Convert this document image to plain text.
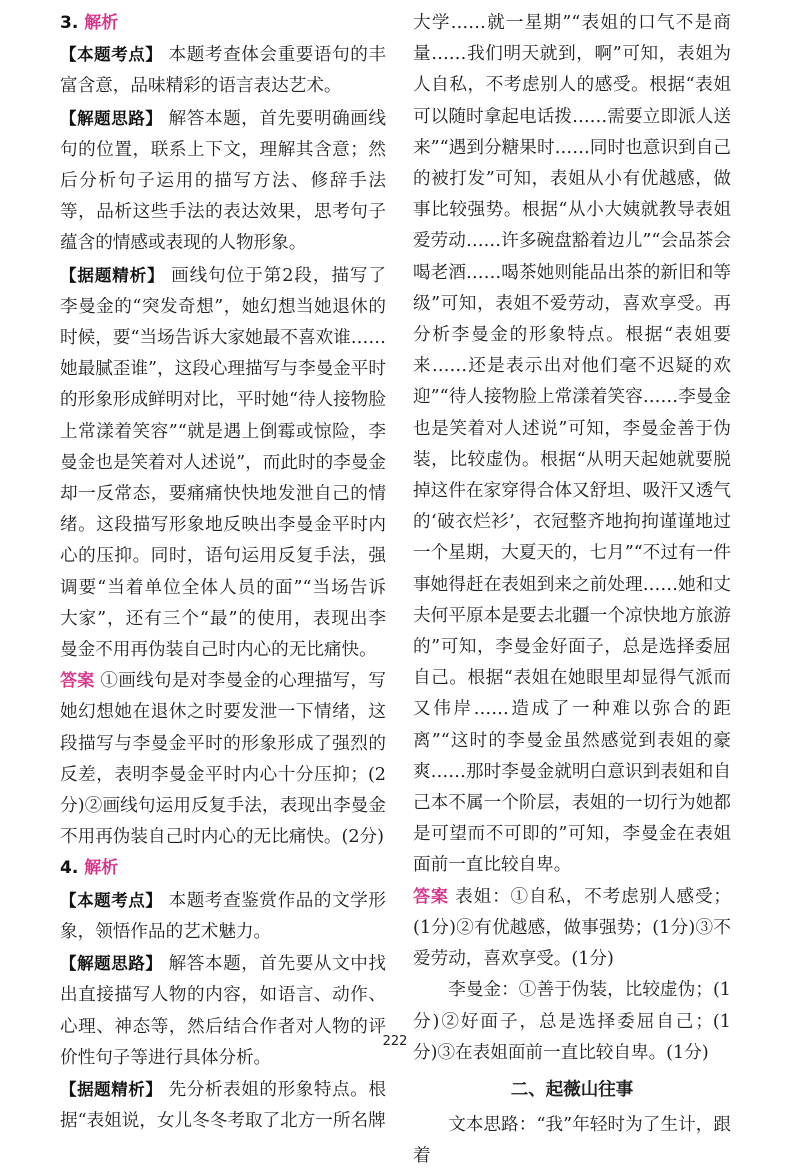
3. 解析

【本题考点】 本题考查体会重要语句的丰富含意，品味精彩的语言表达艺术。

【解题思路】 解答本题，首先要明确画线句的位置，联系上下文，理解其含意；然后分析句子运用的描写方法、修辞手法等，品析这些手法的表达效果，思考句子蕴含的情感或表现的人物形象。

【据题精析】 画线句位于第2段，描写了李曼金的“突发奇想”，她幻想当她退休的时候，要“当场告诉大家她最不喜欢谁……她最腻歪谁”，这段心理描写与李曼金平时的形象形成鲜明对比，平时她“待人接物脸上常漾着笑容”“就是遇上倒霉或惊险，李曼金也是笑着对人述说”，而此时的李曼金却一反常态，要痛痛快快地发泄自己的情绪。这段描写形象地反映出李曼金平时内心的压抑。同时，语句运用反复手法，强调要“当着单位全体人员的面”“当场告诉大家”，还有三个“最”的使用，表现出李曼金不用再伪装自己时内心的无比痛快。

答案 ①画线句是对李曼金的心理描写，写她幻想她在退休之时要发泄一下情绪，这段描写与李曼金平时的形象形成了强烈的反差，表明李曼金平时内心十分压抑；(2分)②画线句运用反复手法，表现出李曼金不用再伪装自己时内心的无比痛快。(2分)

4. 解析

【本题考点】 本题考查鉴赏作品的文学形象，领悟作品的艺术魅力。

【解题思路】 解答本题，首先要从文中找出直接描写人物的内容，如语言、动作、心理、神态等，然后结合作者对人物的评价性句子等进行具体分析。

【据题精析】 先分析表姐的形象特点。根据“表姐说，女儿冬冬考取了北方一所名牌

大学……就一星期”“表姐的口气不是商量……我们明天就到，啊”可知，表姐为人自私，不考虑别人的感受。根据“表姐可以随时拿起电话拨……需要立即派人送来”“遇到分糖果时……同时也意识到自己的被打发”可知，表姐从小有优越感，做事比较强势。根据“从小大姨就教导表姐爱劳动……许多碗盘豁着边儿”“会品茶会喝老酒……喝茶她则能品出茶的新旧和等级”可知，表姐不爱劳动，喜欢享受。再分析李曼金的形象特点。根据“表姐要来……还是表示出对他们毫不迟疑的欢迎”“待人接物脸上常漾着笑容……李曼金也是笑着对人述说”可知，李曼金善于伪装，比较虚伪。根据“从明天起她就要脱掉这件在家穿得合体又舒坦、吸汗又透气的‘破衣烂衫’，衣冠整齐地拘拘谨谨地过一个星期，大夏天的，七月”“不过有一件事她得赶在表姐到来之前处理……她和丈夫何平原本是要去北疆一个凉快地方旅游的”可知，李曼金好面子，总是选择委屈自己。根据“表姐在她眼里却显得气派而又伟岸……造成了一种难以弥合的距离”“这时的李曼金虽然感觉到表姐的豪爽……那时李曼金就明白意识到表姐和自己本不属一个阶层，表姐的一切行为她都是可望而不可即的”可知，李曼金在表姐面前一直比较自卑。

答案 表姐：①自私，不考虑别人感受；(1分)②有优越感，做事强势；(1分)③不爱劳动，喜欢享受。(1分)

李曼金：①善于伪装，比较虚伪；(1分)②好面子，总是选择委屈自己；(1分)③在表姐面前一直比较自卑。(1分)

二、起薇山往事

文本思路：“我”年轻时为了生计，跟着

222
